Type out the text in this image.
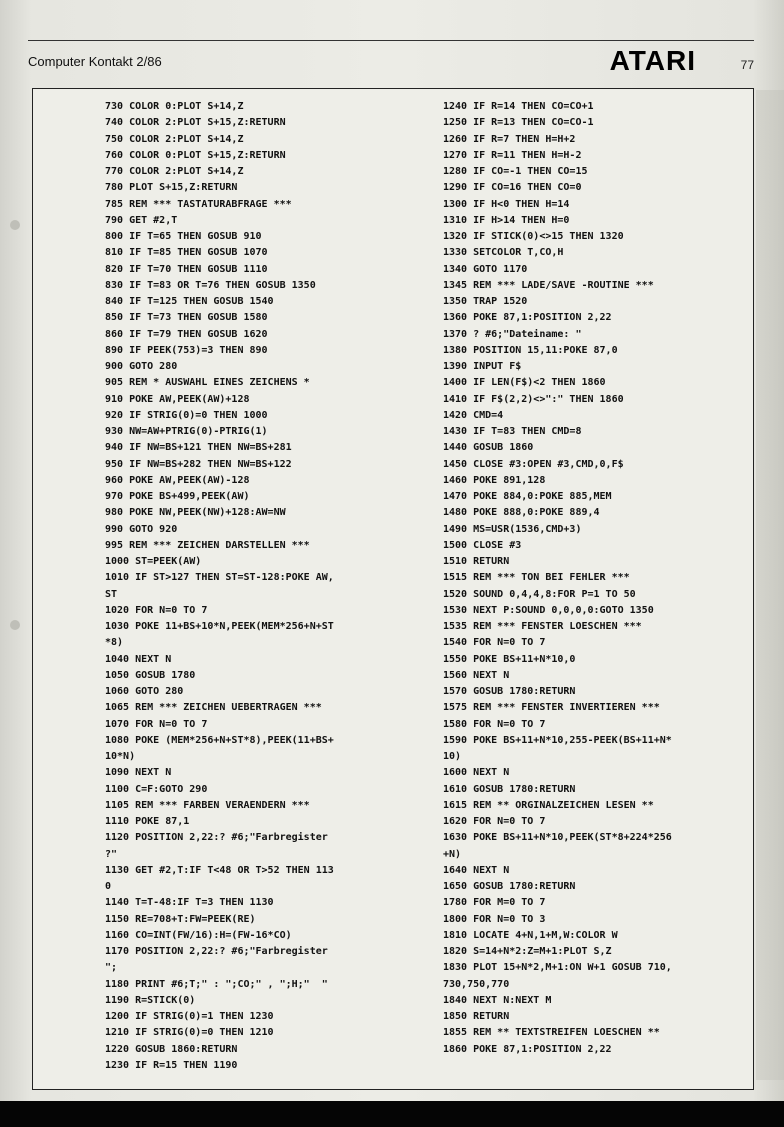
Computer Kontakt 2/86	ATARI	77
730 COLOR 0:PLOT S+14,Z
740 COLOR 2:PLOT S+15,Z:RETURN
750 COLOR 2:PLOT S+14,Z
760 COLOR 0:PLOT S+15,Z:RETURN
770 COLOR 2:PLOT S+14,Z
780 PLOT S+15,Z:RETURN
785 REM *** TASTATURABFRAGE ***
790 GET #2,T
800 IF T=65 THEN GOSUB 910
810 IF T=85 THEN GOSUB 1070
820 IF T=70 THEN GOSUB 1110
830 IF T=83 OR T=76 THEN GOSUB 1350
840 IF T=125 THEN GOSUB 1540
850 IF T=73 THEN GOSUB 1580
860 IF T=79 THEN GOSUB 1620
890 IF PEEK(753)=3 THEN 890
900 GOTO 280
905 REM * AUSWAHL EINES ZEICHENS *
910 POKE AW,PEEK(AW)+128
920 IF STRIG(0)=0 THEN 1000
930 NW=AW+PTRIG(0)-PTRIG(1)
940 IF NW=BS+121 THEN NW=BS+281
950 IF NW=BS+282 THEN NW=BS+122
960 POKE AW,PEEK(AW)-128
970 POKE BS+499,PEEK(AW)
980 POKE NW,PEEK(NW)+128:AW=NW
990 GOTO 920
995 REM *** ZEICHEN DARSTELLEN ***
1000 ST=PEEK(AW)
1010 IF ST>127 THEN ST=ST-128:POKE AW,
ST
1020 FOR N=0 TO 7
1030 POKE 11+BS+10*N,PEEK(MEM*256+N+ST
*8)
1040 NEXT N
1050 GOSUB 1780
1060 GOTO 280
1065 REM *** ZEICHEN UEBERTRAGEN ***
1070 FOR N=0 TO 7
1080 POKE (MEM*256+N+ST*8),PEEK(11+BS+
10*N)
1090 NEXT N
1100 C=F:GOTO 290
1105 REM *** FARBEN VERAENDERN ***
1110 POKE 87,1
1120 POSITION 2,22:? #6;"Farbregister
?"
1130 GET #2,T:IF T<48 OR T>52 THEN 113
0
1140 T=T-48:IF T=3 THEN 1130
1150 RE=708+T:FW=PEEK(RE)
1160 CO=INT(FW/16):H=(FW-16*CO)
1170 POSITION 2,22:? #6;"Farbregister
";
1180 PRINT #6;T;" : ";CO;" , ";H;"  "
1190 R=STICK(0)
1200 IF STRIG(0)=1 THEN 1230
1210 IF STRIG(0)=0 THEN 1210
1220 GOSUB 1860:RETURN
1230 IF R=15 THEN 1190
1240 IF R=14 THEN CO=CO+1
1250 IF R=13 THEN CO=CO-1
1260 IF R=7 THEN H=H+2
1270 IF R=11 THEN H=H-2
1280 IF CO=-1 THEN CO=15
1290 IF CO=16 THEN CO=0
1300 IF H<0 THEN H=14
1310 IF H>14 THEN H=0
1320 IF STICK(0)<>15 THEN 1320
1330 SETCOLOR T,CO,H
1340 GOTO 1170
1345 REM *** LADE/SAVE -ROUTINE ***
1350 TRAP 1520
1360 POKE 87,1:POSITION 2,22
1370 ? #6;"Dateiname: "
1380 POSITION 15,11:POKE 87,0
1390 INPUT F$
1400 IF LEN(F$)<2 THEN 1860
1410 IF F$(2,2)<>":" THEN 1860
1420 CMD=4
1430 IF T=83 THEN CMD=8
1440 GOSUB 1860
1450 CLOSE #3:OPEN #3,CMD,0,F$
1460 POKE 891,128
1470 POKE 884,0:POKE 885,MEM
1480 POKE 888,0:POKE 889,4
1490 MS=USR(1536,CMD+3)
1500 CLOSE #3
1510 RETURN
1515 REM *** TON BEI FEHLER ***
1520 SOUND 0,4,4,8:FOR P=1 TO 50
1530 NEXT P:SOUND 0,0,0,0:GOTO 1350
1535 REM *** FENSTER LOESCHEN ***
1540 FOR N=0 TO 7
1550 POKE BS+11+N*10,0
1560 NEXT N
1570 GOSUB 1780:RETURN
1575 REM *** FENSTER INVERTIEREN ***
1580 FOR N=0 TO 7
1590 POKE BS+11+N*10,255-PEEK(BS+11+N*
10)
1600 NEXT N
1610 GOSUB 1780:RETURN
1615 REM ** ORGINALZEICHEN LESEN **
1620 FOR N=0 TO 7
1630 POKE BS+11+N*10,PEEK(ST*8+224*256
+N)
1640 NEXT N
1650 GOSUB 1780:RETURN
1780 FOR M=0 TO 7
1800 FOR N=0 TO 3
1810 LOCATE 4+N,1+M,W:COLOR W
1820 S=14+N*2:Z=M+1:PLOT S,Z
1830 PLOT 15+N*2,M+1:ON W+1 GOSUB 710,
730,750,770
1840 NEXT N:NEXT M
1850 RETURN
1855 REM ** TEXTSTREIFEN LOESCHEN **
1860 POKE 87,1:POSITION 2,22
